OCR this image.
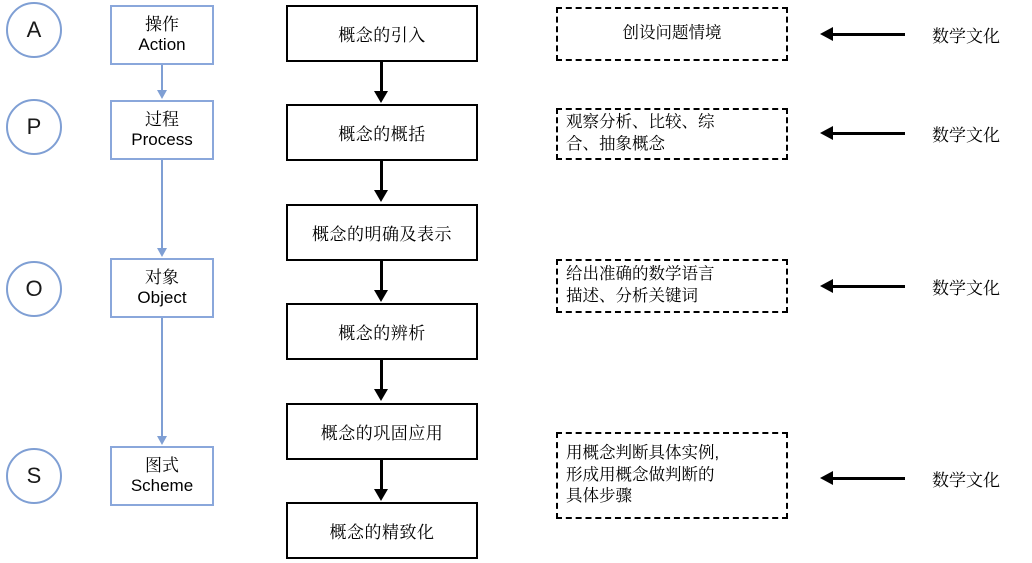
A
P
O
S
操作
Action
过程
Process
对象
Object
图式
Scheme
概念的引入
概念的概括
概念的明确及表示
概念的辨析
概念的巩固应用
概念的精致化
创设问题情境
观察分析、比较、综
合、抽象概念
给出准确的数学语言
描述、分析关键词
用概念判断具体实例,
形成用概念做判断的
具体步骤
数学文化
数学文化
数学文化
数学文化
